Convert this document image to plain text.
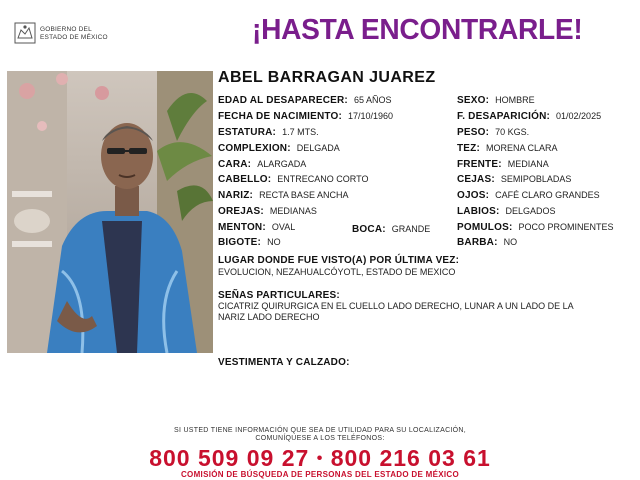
GOBIERNO DEL
ESTADO DE MÉXICO	¡HASTA ENCONTRARLE!
ABEL BARRAGAN JUAREZ
EDAD AL DESAPARECER: 65 AÑOS
FECHA DE NACIMIENTO: 17/10/1960
ESTATURA: 1.7 MTS.
COMPLEXION: DELGADA
CARA: ALARGADA
CABELLO: ENTRECANO CORTO
NARIZ: RECTA BASE ANCHA
OREJAS: MEDIANAS
MENTON: OVAL	BOCA: GRANDE
BIGOTE: NO
SEXO: HOMBRE
F. DESAPARICIÓN: 01/02/2025
PESO: 70 KGS.
TEZ: MORENA CLARA
FRENTE: MEDIANA
CEJAS: SEMIPOBLADAS
OJOS: CAFÉ CLARO GRANDES
LABIOS: DELGADOS
POMULOS: POCO PROMINENTES
BARBA: NO
LUGAR DONDE FUE VISTO(A) POR ÚLTIMA VEZ:
EVOLUCION, NEZAHUALCÓYOTL, ESTADO DE MEXICO
SEÑAS PARTICULARES:
CICATRIZ QUIRURGICA EN EL CUELLO LADO DERECHO, LUNAR A UN LADO DE LA
NARIZ LADO DERECHO
VESTIMENTA Y CALZADO:
SI USTED TIENE INFORMACIÓN QUE SEA DE UTILIDAD PARA SU LOCALIZACIÓN,
COMUNÍQUESE A LOS TELÉFONOS:
800 509 09 27 • 800 216 03 61
COMISIÓN DE BÚSQUEDA DE PERSONAS DEL ESTADO DE MÉXICO
